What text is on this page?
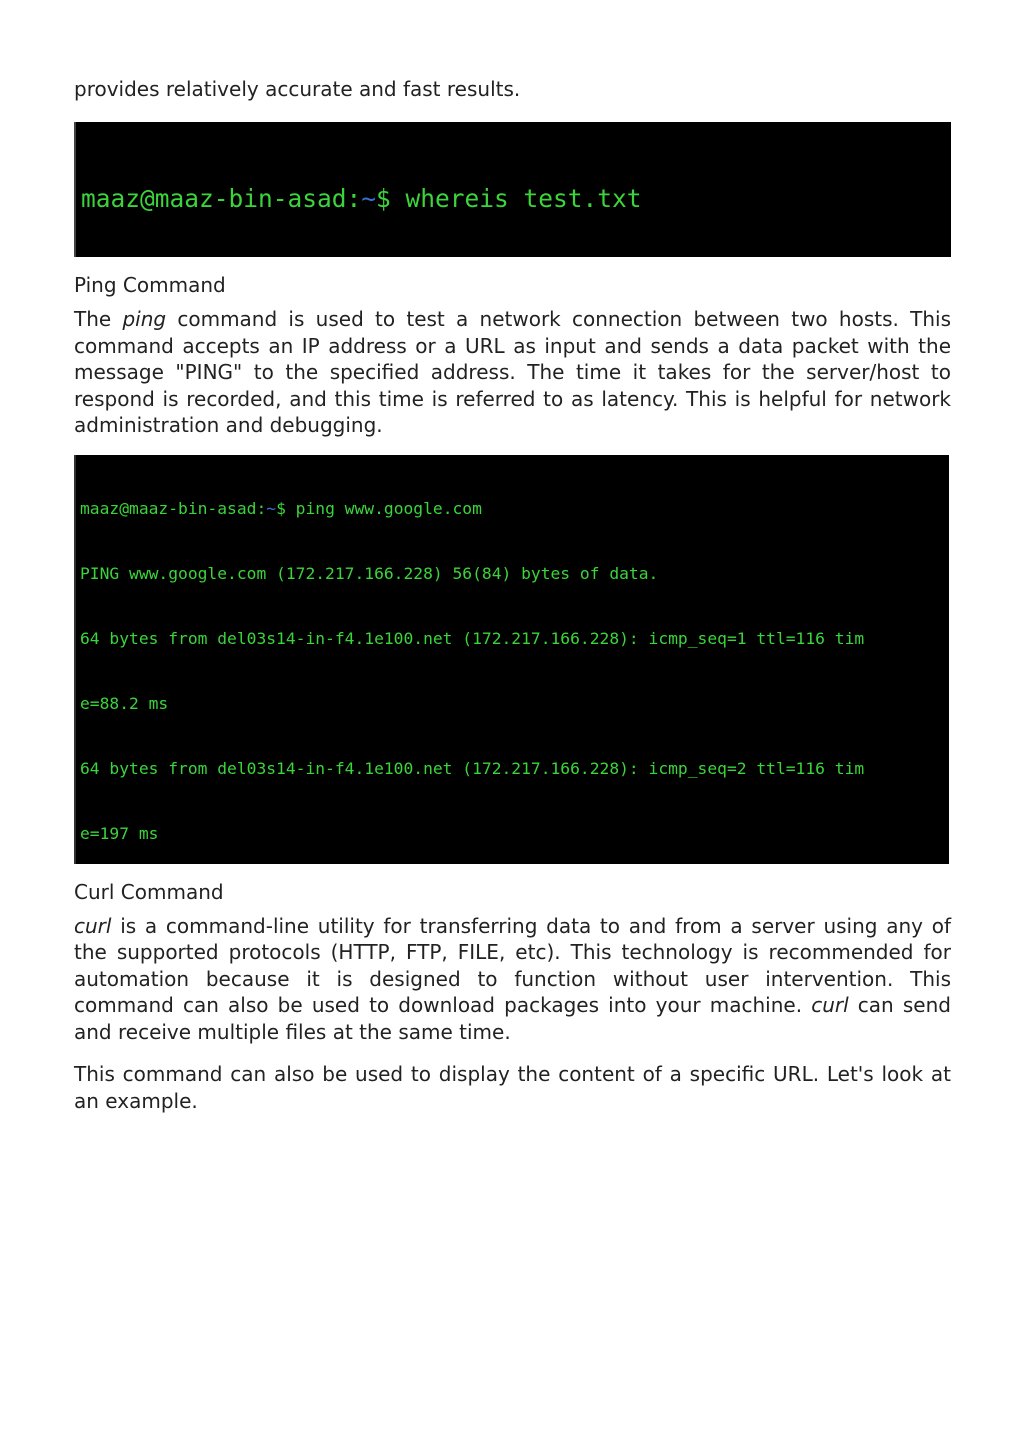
provides relatively accurate and fast results.

maaz@maaz-bin-asad:~$ whereis test.txt

Ping Command

The ping command is used to test a network connection between two hosts. This command accepts an IP address or a URL as input and sends a data packet with the message "PING" to the specified address. The time it takes for the server/host to respond is recorded, and this time is referred to as latency. This is helpful for network administration and debugging.

maaz@maaz-bin-asad:~$ ping www.google.com

PING www.google.com (172.217.166.228) 56(84) bytes of data.

64 bytes from del03s14-in-f4.1e100.net (172.217.166.228): icmp_seq=1 ttl=116 tim

e=88.2 ms

64 bytes from del03s14-in-f4.1e100.net (172.217.166.228): icmp_seq=2 ttl=116 tim

e=197 ms

Curl Command

curl is a command-line utility for transferring data to and from a server using any of the supported protocols (HTTP, FTP, FILE, etc). This technology is recommended for automation because it is designed to function without user intervention. This command can also be used to download packages into your machine. curl can send and receive multiple files at the same time.

This command can also be used to display the content of a specific URL. Let's look at an example.
